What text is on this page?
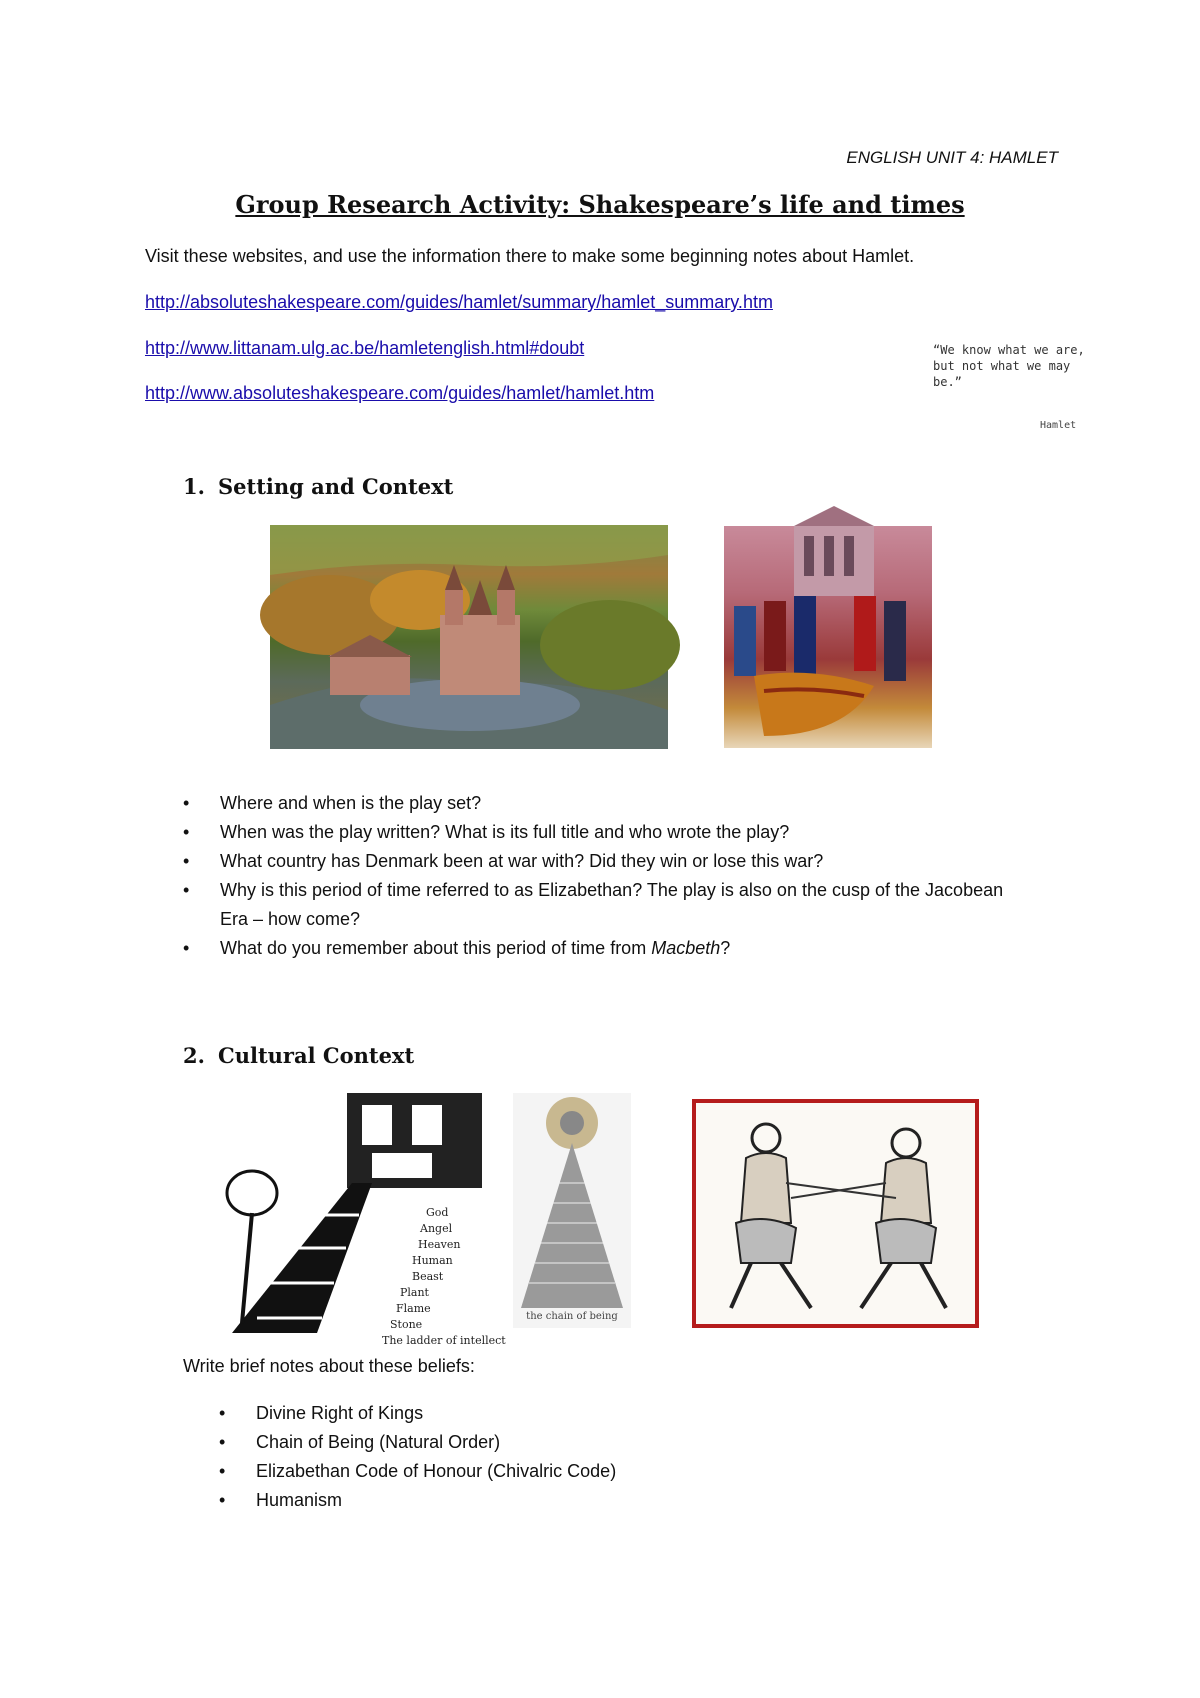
ENGLISH UNIT 4: HAMLET
Group Research Activity: Shakespeare’s life and times
Visit these websites, and use the information there to make some beginning notes about Hamlet.
http://absoluteshakespeare.com/guides/hamlet/summary/hamlet_summary.htm
http://www.littanam.ulg.ac.be/hamletenglish.html#doubt
http://www.absoluteshakespeare.com/guides/hamlet/hamlet.htm
“We know what we are, but not what we may be.”
Hamlet
1. Setting and Context
• Where and when is the play set?
• When was the play written? What is its full title and who wrote the play?
• What country has Denmark been at war with? Did they win or lose this war?
• Why is this period of time referred to as Elizabethan? The play is also on the cusp of the Jacobean Era – how come?
• What do you remember about this period of time from Macbeth?
2. Cultural Context
God
Angel
Heaven
Human
Beast
Plant
Flame
Stone
The ladder of intellect
the chain of being
Write brief notes about these beliefs:
• Divine Right of Kings
• Chain of Being (Natural Order)
• Elizabethan Code of Honour (Chivalric Code)
• Humanism
